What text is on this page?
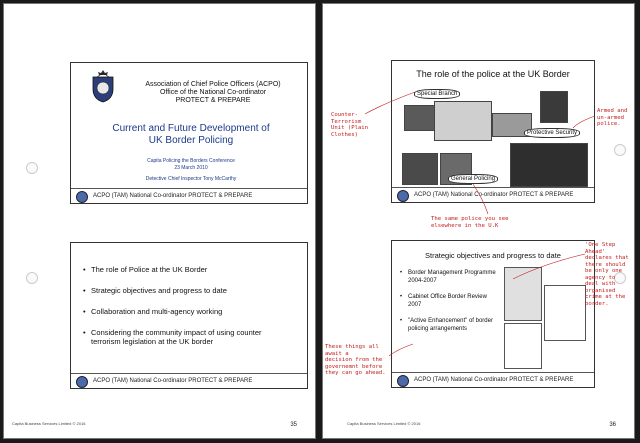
Association of Chief Police Officers (ACPO)
Office of the National Co-ordinator
PROTECT & PREPARE
Current and Future Development of
UK Border Policing
Capita Policing the Borders Conference
23 March 2010
Detective Chief Inspector Tony McCarthy
ACPO (TAM) National Co-ordinator PROTECT & PREPARE
• The role of Police at the UK Border
• Strategic objectives and progress to date
• Collaboration and multi-agency working
• Considering the community impact of using counter terrorism legislation at the UK border
ACPO (TAM) National Co-ordinator PROTECT & PREPARE
Capita Business Services Limited © 2016	35
The role of the police at the UK Border
Special Branch
Protective Security
General Policing
ACPO (TAM) National Co-ordinator PROTECT & PREPARE
Strategic objectives and progress to date
• Border Management Programme 2004-2007
• Cabinet Office Border Review 2007
• "Active Enhancement" of border policing arrangements
ACPO (TAM) National Co-ordinator PROTECT & PREPARE
Counter-
Terrorism
Unit (Plain
Clothes)
Armed and
un-armed
police.
The same police you see
elsewhere in the U.K
'One Step
Ahead'
declares that
there should
be only one
agency to
deal with
organised
crime at the
border.
These things all
await a
decision from the
governemnt before
they can go ahead.
Capita Business Services Limited © 2016	36
